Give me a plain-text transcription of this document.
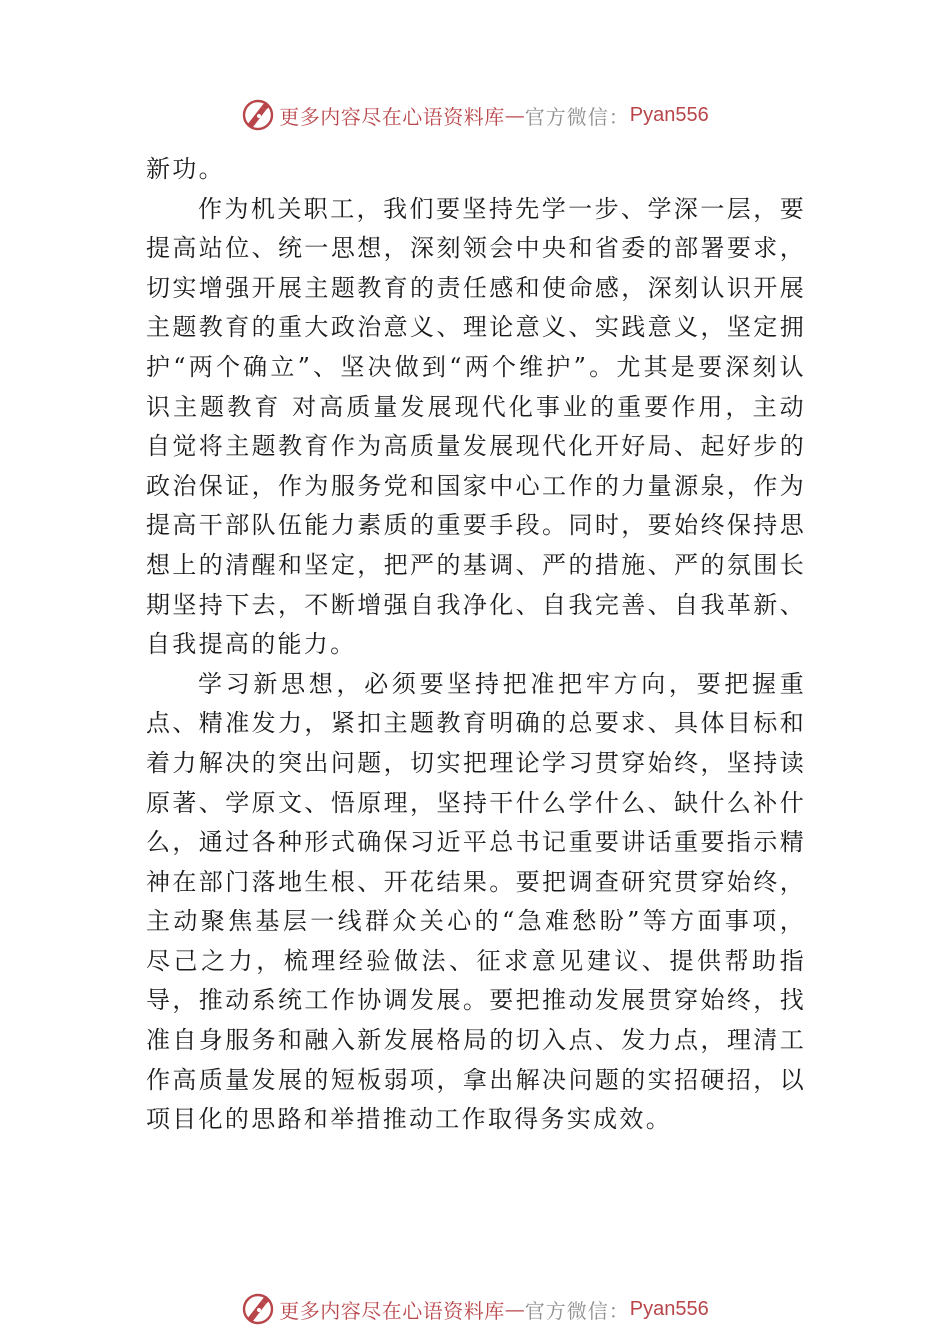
更多内容尽在心语资料库 — 官方微信： Pyan556

新功。

作为机关职工，我们要坚持先学一步、学深一层，要提高站位、统一思想，深刻领会中央和省委的部署要求，切实增强开展主题教育的责任感和使命感，深刻认识开展主题教育的重大政治意义、理论意义、实践意义，坚定拥护“两个确立”、坚决做到“两个维护”。尤其是要深刻认识主题教育 对高质量发展现代化事业的重要作用，主动自觉将主题教育作为高质量发展现代化开好局、起好步的政治保证，作为服务党和国家中心工作的力量源泉，作为提高干部队伍能力素质的重要手段。同时，要始终保持思想上的清醒和坚定，把严的基调、严的措施、严的氛围长期坚持下去，不断增强自我净化、自我完善、自我革新、自我提高的能力。

学习新思想，必须要坚持把准把牢方向，要把握重点、精准发力，紧扣主题教育明确的总要求、具体目标和着力解决的突出问题，切实把理论学习贯穿始终，坚持读原著、学原文、悟原理，坚持干什么学什么、缺什么补什么，通过各种形式确保习近平总书记重要讲话重要指示精神在部门落地生根、开花结果。要把调查研究贯穿始终，主动聚焦基层一线群众关心的“急难愁盼”等方面事项，尽己之力，梳理经验做法、征求意见建议、提供帮助指导，推动系统工作协调发展。要把推动发展贯穿始终，找准自身服务和融入新发展格局的切入点、发力点，理清工作高质量发展的短板弱项，拿出解决问题的实招硬招，以项目化的思路和举措推动工作取得务实成效。

更多内容尽在心语资料库 — 官方微信： Pyan556
